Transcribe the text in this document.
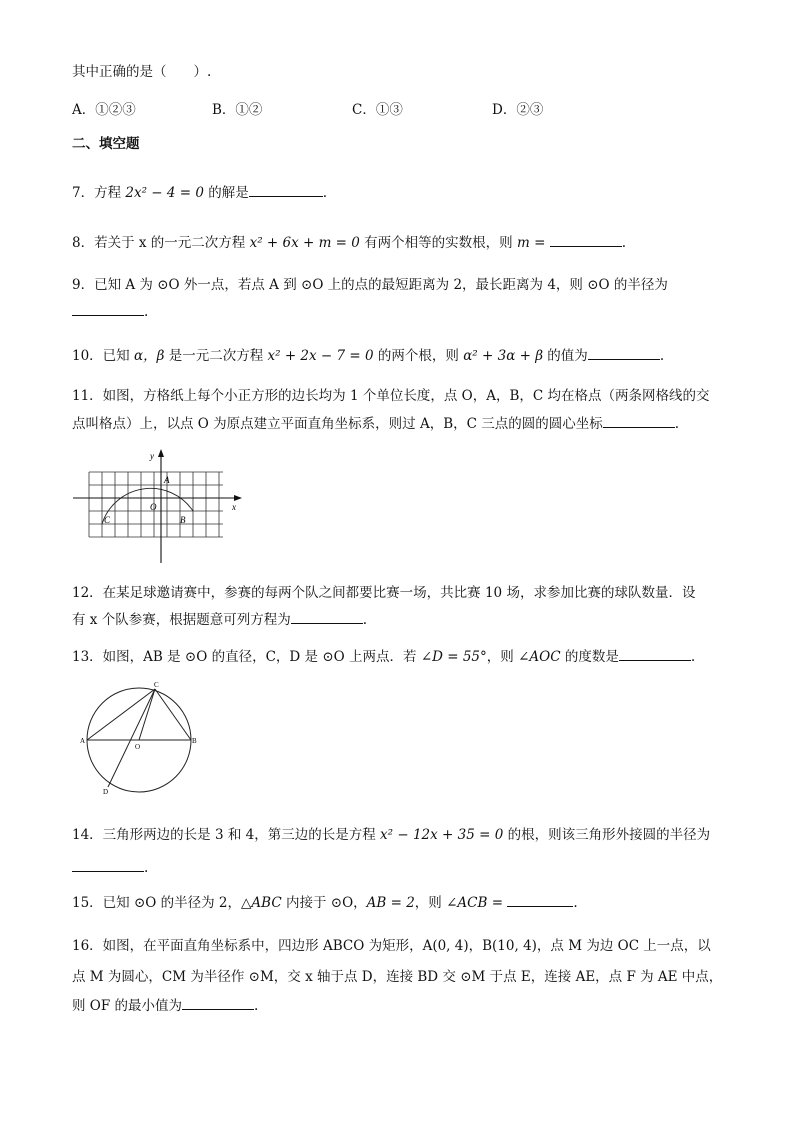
其中正确的是（　　）.
A．①②③	B．①②	C．①③	D．②③
二、填空题
7．方程 2x² − 4 = 0 的解是	.
8．若关于 x 的一元二次方程 x² + 6x + m = 0 有两个相等的实数根，则 m =	.
9．已知 A 为 ⊙O 外一点，若点 A 到 ⊙O 上的点的最短距离为 2，最长距离为 4，则 ⊙O 的半径为
.
10．已知 α，β 是一元二次方程 x² + 2x − 7 = 0 的两个根，则 α² + 3α + β 的值为	.
11．如图，方格纸上每个小正方形的边长均为 1 个单位长度，点 O，A，B，C 均在格点（两条网格线的交
点叫格点）上，以点 O 为原点建立平面直角坐标系，则过 A，B，C 三点的圆的圆心坐标	.
y
x
A
O
C	B
12．在某足球邀请赛中，参赛的每两个队之间都要比赛一场，共比赛 10 场，求参加比赛的球队数量．设
有 x 个队参赛，根据题意可列方程为	.
13．如图，AB 是 ⊙O 的直径，C，D 是 ⊙O 上两点．若 ∠D = 55°，则 ∠AOC 的度数是	.
C
A
O
B
D
14．三角形两边的长是 3 和 4，第三边的长是方程 x² − 12x + 35 = 0 的根，则该三角形外接圆的半径为
.
15．已知 ⊙O 的半径为 2，△ABC 内接于 ⊙O，AB = 2，则 ∠ACB =	.
16．如图，在平面直角坐标系中，四边形 ABCO 为矩形，A(0, 4)，B(10, 4)，点 M 为边 OC 上一点，以
点 M 为圆心，CM 为半径作 ⊙M，交 x 轴于点 D，连接 BD 交 ⊙M 于点 E，连接 AE，点 F 为 AE 中点，
则 OF 的最小值为	.
